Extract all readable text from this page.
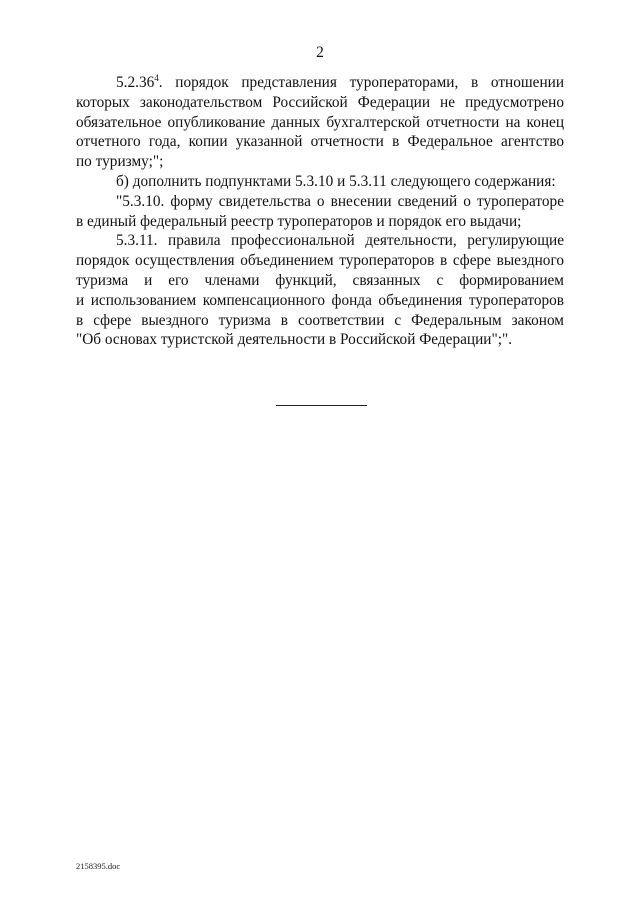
2
5.2.36$^4$. порядок представления туроператорами, в отношении
которых законодательством Российской Федерации не предусмотрено
обязательное опубликование данных бухгалтерской отчетности на конец
отчетного года, копии указанной отчетности в Федеральное агентство
по туризму;";
б) дополнить подпунктами 5.3.10 и 5.3.11 следующего содержания:
"5.3.10. форму свидетельства о внесении сведений о туроператоре
в единый федеральный реестр туроператоров и порядок его выдачи;
5.3.11. правила профессиональной деятельности, регулирующие
порядок осуществления объединением туроператоров в сфере выездного
туризма и его членами функций, связанных с формированием
и использованием компенсационного фонда объединения туроператоров
в сфере выездного туризма в соответствии с Федеральным законом
"Об основах туристской деятельности в Российской Федерации";".
2158395.doc
